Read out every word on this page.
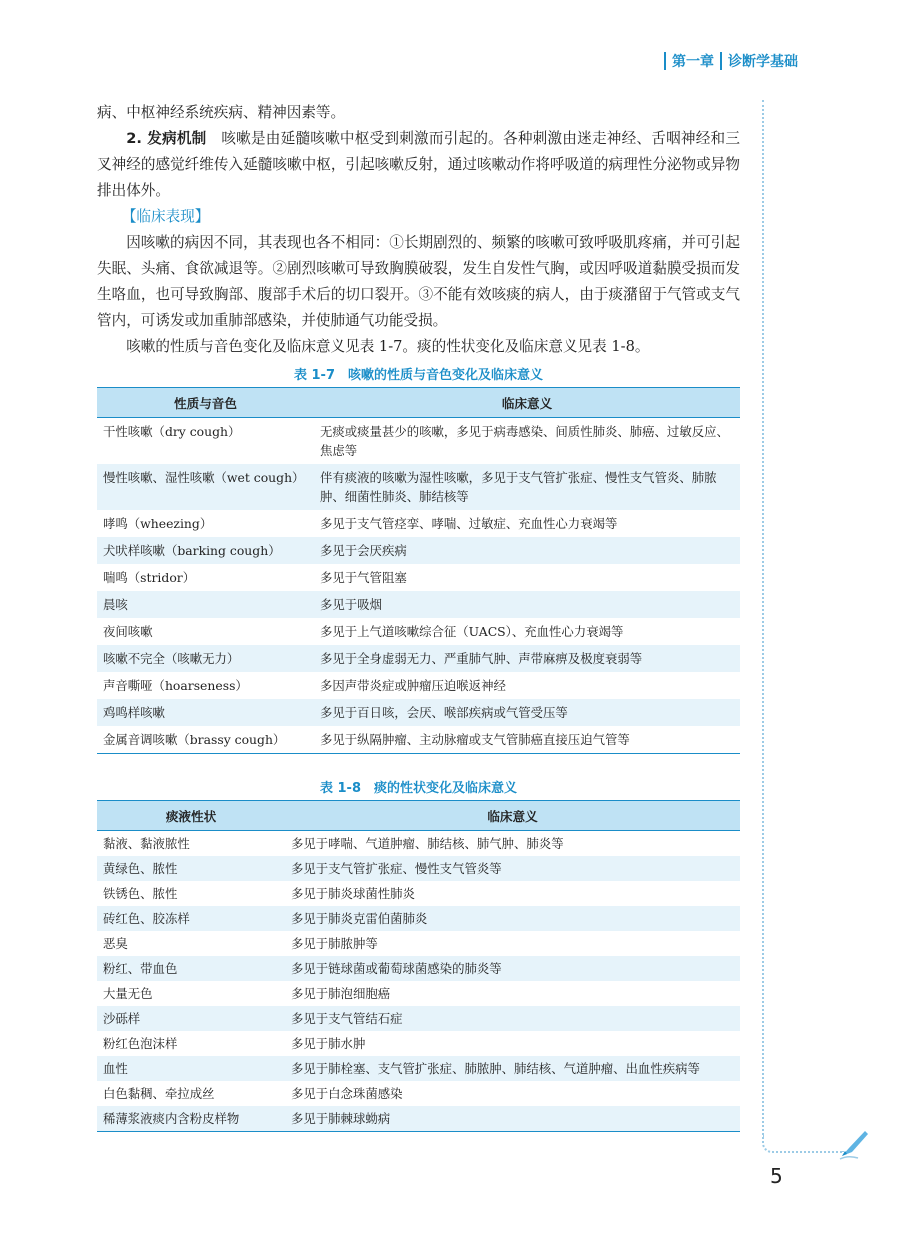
第一章 诊断学基础

病、中枢神经系统疾病、精神因素等。

2. 发病机制　 咳嗽是由延髓咳嗽中枢受到刺激而引起的。各种刺激由迷走神经、舌咽神经和三叉神经的感觉纤维传入延髓咳嗽中枢，引起咳嗽反射，通过咳嗽动作将呼吸道的病理性分泌物或异物排出体外。

【临床表现】

因咳嗽的病因不同，其表现也各不相同：①长期剧烈的、频繁的咳嗽可致呼吸肌疼痛，并可引起失眠、头痛、食欲减退等。②剧烈咳嗽可导致胸膜破裂，发生自发性气胸，或因呼吸道黏膜受损而发生咯血，也可导致胸部、腹部手术后的切口裂开。③不能有效咳痰的病人，由于痰潴留于气管或支气管内，可诱发或加重肺部感染，并使肺通气功能受损。

咳嗽的性质与音色变化及临床意义见表 1-7。痰的性状变化及临床意义见表 1-8。

表 1-7　咳嗽的性质与音色变化及临床意义
性质与音色	临床意义
干性咳嗽（dry cough）	无痰或痰量甚少的咳嗽，多见于病毒感染、间质性肺炎、肺癌、过敏反应、焦虑等
慢性咳嗽、湿性咳嗽（wet cough）	伴有痰液的咳嗽为湿性咳嗽，多见于支气管扩张症、慢性支气管炎、肺脓肿、细菌性肺炎、肺结核等
哮鸣（wheezing）	多见于支气管痉挛、哮喘、过敏症、充血性心力衰竭等
犬吠样咳嗽（barking cough）	多见于会厌疾病
喘鸣（stridor）	多见于气管阻塞
晨咳	多见于吸烟
夜间咳嗽	多见于上气道咳嗽综合征（UACS）、充血性心力衰竭等
咳嗽不完全（咳嗽无力）	多见于全身虚弱无力、严重肺气肿、声带麻痹及极度衰弱等
声音嘶哑（hoarseness）	多因声带炎症或肿瘤压迫喉返神经
鸡鸣样咳嗽	多见于百日咳，会厌、喉部疾病或气管受压等
金属音调咳嗽（brassy cough）	多见于纵隔肿瘤、主动脉瘤或支气管肺癌直接压迫气管等
表 1-8　痰的性状变化及临床意义
痰液性状	临床意义
黏液、黏液脓性	多见于哮喘、气道肿瘤、肺结核、肺气肿、肺炎等
黄绿色、脓性	多见于支气管扩张症、慢性支气管炎等
铁锈色、脓性	多见于肺炎球菌性肺炎
砖红色、胶冻样	多见于肺炎克雷伯菌肺炎
恶臭	多见于肺脓肿等
粉红、带血色	多见于链球菌或葡萄球菌感染的肺炎等
大量无色	多见于肺泡细胞癌
沙砾样	多见于支气管结石症
粉红色泡沫样	多见于肺水肿
血性	多见于肺栓塞、支气管扩张症、肺脓肿、肺结核、气道肿瘤、出血性疾病等
白色黏稠、牵拉成丝	多见于白念珠菌感染
稀薄浆液痰内含粉皮样物	多见于肺棘球蚴病
5
